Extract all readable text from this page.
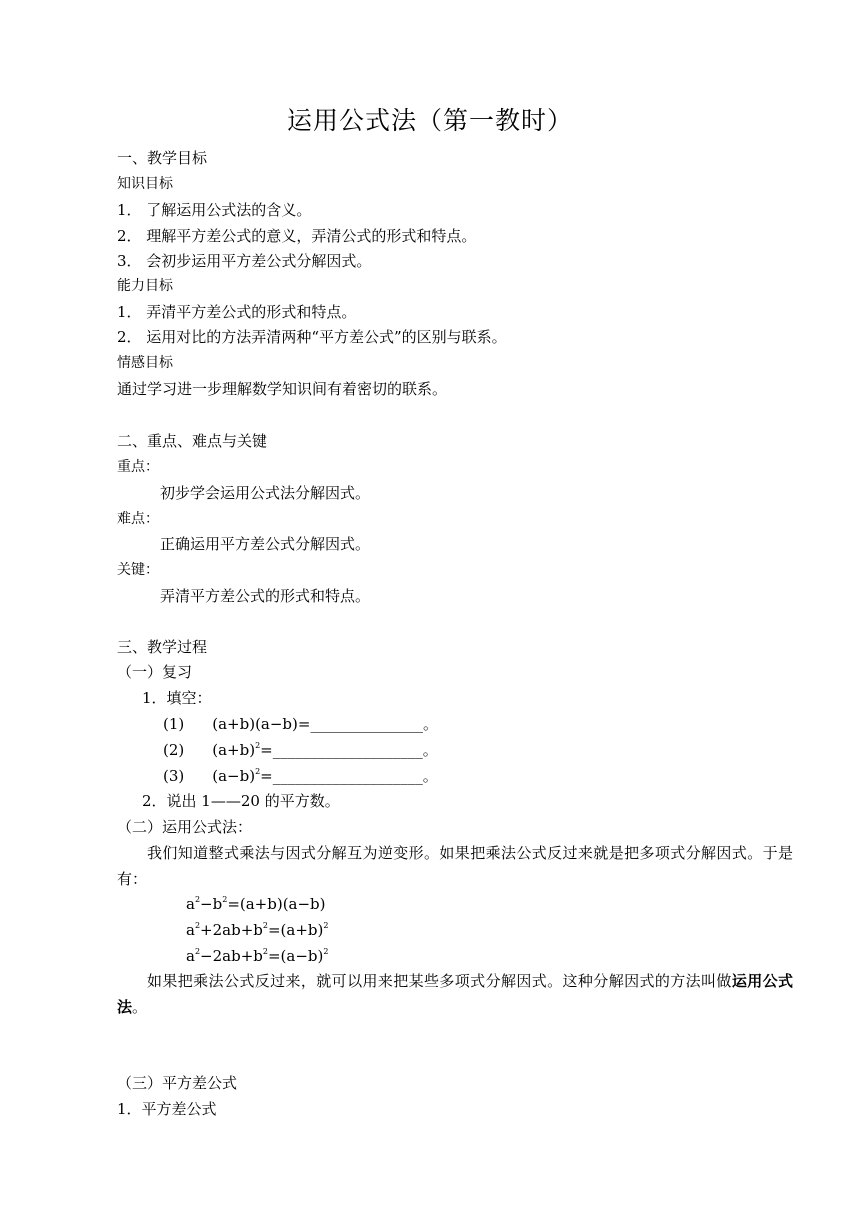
运用公式法（第一教时）
一、教学目标
知识目标
1． 了解运用公式法的含义。
2． 理解平方差公式的意义，弄清公式的形式和特点。
3． 会初步运用平方差公式分解因式。
能力目标
1． 弄清平方差公式的形式和特点。
2． 运用对比的方法弄清两种“平方差公式”的区别与联系。
情感目标
通过学习进一步理解数学知识间有着密切的联系。
二、重点、难点与关键
重点：
初步学会运用公式法分解因式。
难点：
正确运用平方差公式分解因式。
关键：
弄清平方差公式的形式和特点。
三、教学过程
（一）复习
1．填空：
(1) (a+b)(a−b)=_______________。
(2) $(a+b)^2=\_\_\_\_\_\_\_\_\_\_\_\_\_\_\_\_\_\_\_\_$。
(3) $(a-b)^2=\_\_\_\_\_\_\_\_\_\_\_\_\_\_\_\_\_\_\_\_$。
2．说出 1——20 的平方数。
（二）运用公式法：
我们知道整式乘法与因式分解互为逆变形。如果把乘法公式反过来就是把多项式分解因式。于是有：
$a^2-b^2=(a+b)(a-b)$
$a^2+2ab+b^2=(a+b)^2$
$a^2-2ab+b^2=(a-b)^2$
如果把乘法公式反过来，就可以用来把某些多项式分解因式。这种分解因式的方法叫做运用公式法。
（三）平方差公式
1．平方差公式
